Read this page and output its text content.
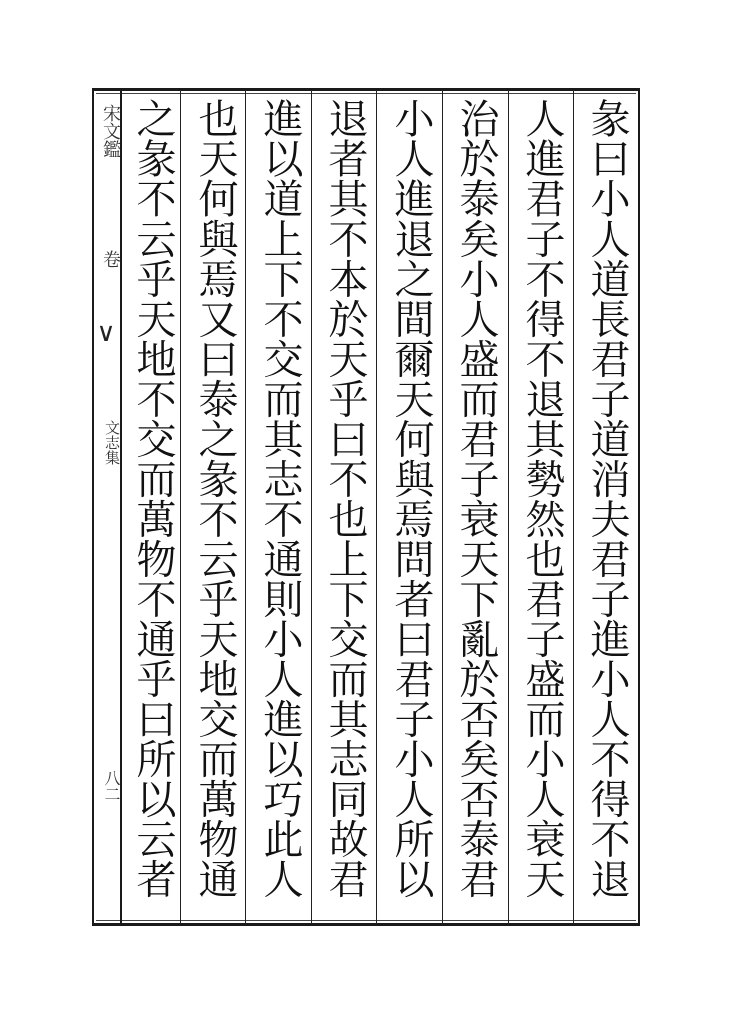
宋文鑑
卷
∨
文志集
八二
彖曰小人道長君子道消夫君子進小人不得不退
人進君子不得不退其勢然也君子盛而小人衰天
治於泰矣小人盛而君子衰天下亂於否矣否泰君
小人進退之間爾天何與焉問者曰君子小人所以
退者其不本於天乎曰不也上下交而其志同故君
進以道上下不交而其志不通則小人進以巧此人
也天何與焉又曰泰之彖不云乎天地交而萬物通
之彖不云乎天地不交而萬物不通乎曰所以云者
